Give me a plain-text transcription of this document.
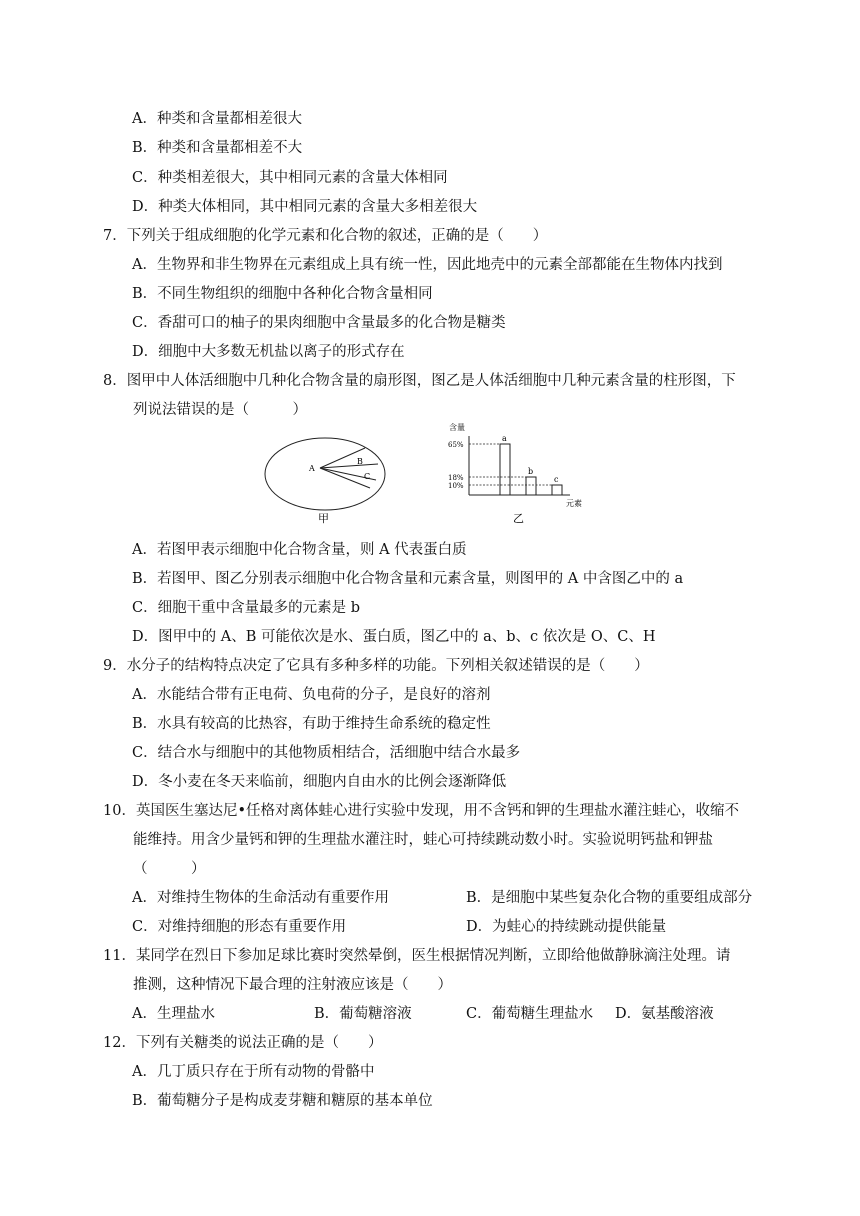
A．种类和含量都相差很大
B．种类和含量都相差不大
C．种类相差很大，其中相同元素的含量大体相同
D．种类大体相同，其中相同元素的含量大多相差很大
7．下列关于组成细胞的化学元素和化合物的叙述，正确的是（　　）
A．生物界和非生物界在元素组成上具有统一性，因此地壳中的元素全部都能在生物体内找到
B．不同生物组织的细胞中各种化合物含量相同
C．香甜可口的柚子的果肉细胞中含量最多的化合物是糖类
D．细胞中大多数无机盐以离子的形式存在
8．图甲中人体活细胞中几种化合物含量的扇形图，图乙是人体活细胞中几种元素含量的柱形图，下
列说法错误的是（　　　）
A
B
C
甲
含量
元素
65%
18%
10%
a
b
c
乙
A．若图甲表示细胞中化合物含量，则 A 代表蛋白质
B．若图甲、图乙分别表示细胞中化合物含量和元素含量，则图甲的 A 中含图乙中的 a
C．细胞干重中含量最多的元素是 b
D．图甲中的 A、B 可能依次是水、蛋白质，图乙中的 a、b、c 依次是 O、C、H
9．水分子的结构特点决定了它具有多种多样的功能。下列相关叙述错误的是（　　）
A．水能结合带有正电荷、负电荷的分子，是良好的溶剂
B．水具有较高的比热容，有助于维持生命系统的稳定性
C．结合水与细胞中的其他物质相结合，活细胞中结合水最多
D．冬小麦在冬天来临前，细胞内自由水的比例会逐渐降低
10．英国医生塞达尼•任格对离体蛙心进行实验中发现，用不含钙和钾的生理盐水灌注蛙心，收缩不
能维持。用含少量钙和钾的生理盐水灌注时，蛙心可持续跳动数小时。实验说明钙盐和钾盐
（　　　）
A．对维持生物体的生命活动有重要作用	B．是细胞中某些复杂化合物的重要组成部分
C．对维持细胞的形态有重要作用	D．为蛙心的持续跳动提供能量
11．某同学在烈日下参加足球比赛时突然晕倒，医生根据情况判断，立即给他做静脉滴注处理。请
推测，这种情况下最合理的注射液应该是（　　）
A．生理盐水	B．葡萄糖溶液	C．葡萄糖生理盐水 D．氨基酸溶液
12．下列有关糖类的说法正确的是（　　）
A．几丁质只存在于所有动物的骨骼中
B．葡萄糖分子是构成麦芽糖和糖原的基本单位
